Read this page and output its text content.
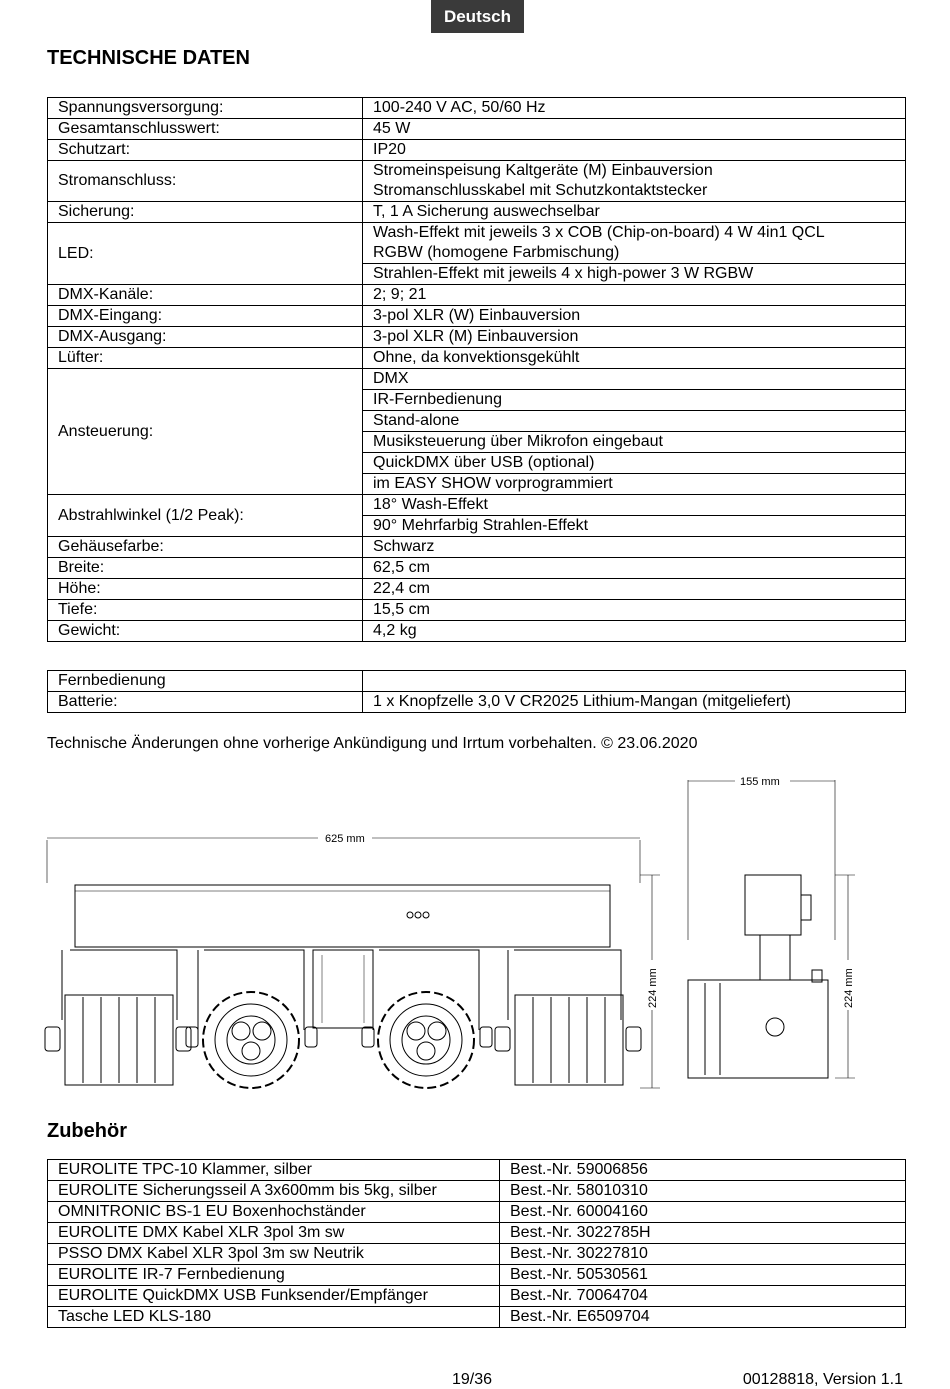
Deutsch
TECHNISCHE DATEN
Spannungsversorgung:	100-240 V AC, 50/60 Hz
Gesamtanschlusswert:	45 W
Schutzart:	IP20
Stromanschluss:	Stromeinspeisung Kaltgeräte (M) Einbauversion
Stromanschlusskabel mit Schutzkontaktstecker
Sicherung:	T, 1 A Sicherung auswechselbar
LED:	Wash-Effekt mit jeweils 3 x COB (Chip-on-board) 4 W 4in1 QCL
RGBW (homogene Farbmischung)
	Strahlen-Effekt mit jeweils 4 x high-power 3 W RGBW
DMX-Kanäle:	2; 9; 21
DMX-Eingang:	3-pol XLR (W) Einbauversion
DMX-Ausgang:	3-pol XLR (M) Einbauversion
Lüfter:	Ohne, da konvektionsgekühlt
Ansteuerung:	DMX
	IR-Fernbedienung
	Stand-alone
	Musiksteuerung über Mikrofon eingebaut
	QuickDMX über USB (optional)
	im EASY SHOW vorprogrammiert
Abstrahlwinkel (1/2 Peak):	18° Wash-Effekt
	90° Mehrfarbig Strahlen-Effekt
Gehäusefarbe:	Schwarz
Breite:	62,5 cm
Höhe:	22,4 cm
Tiefe:	15,5 cm
Gewicht:	4,2 kg
Fernbedienung	
Batterie:	1 x Knopfzelle 3,0 V CR2025 Lithium-Mangan (mitgeliefert)
Technische Änderungen ohne vorherige Ankündigung und Irrtum vorbehalten. © 23.06.2020
625 mm
224 mm
155 mm
224 mm
Zubehör
EUROLITE TPC-10 Klammer, silber	Best.-Nr. 59006856
EUROLITE Sicherungsseil A 3x600mm bis 5kg, silber	Best.-Nr. 58010310
OMNITRONIC BS-1 EU Boxenhochständer	Best.-Nr. 60004160
EUROLITE DMX Kabel XLR 3pol 3m sw	Best.-Nr. 3022785H
PSSO DMX Kabel XLR 3pol 3m sw Neutrik	Best.-Nr. 30227810
EUROLITE IR-7 Fernbedienung	Best.-Nr. 50530561
EUROLITE QuickDMX USB Funksender/Empfänger	Best.-Nr. 70064704
Tasche LED KLS-180	Best.-Nr. E6509704
19/36	00128818, Version 1.1
